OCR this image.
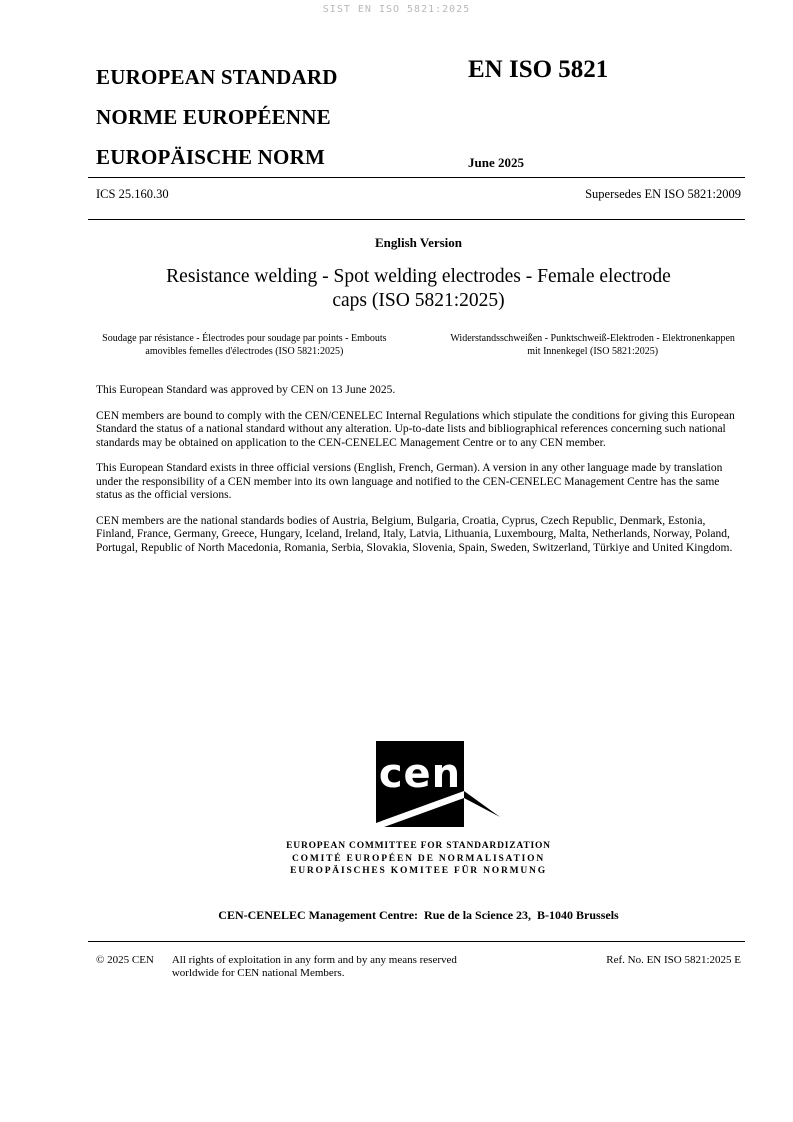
SIST EN ISO 5821:2025
EUROPEAN STANDARD
NORME EUROPÉENNE
EUROPÄISCHE NORM
EN ISO 5821
June 2025
ICS 25.160.30	Supersedes EN ISO 5821:2009
English Version
Resistance welding - Spot welding electrodes - Female electrode caps (ISO 5821:2025)
Soudage par résistance - Électrodes pour soudage par points - Embouts amovibles femelles d'électrodes (ISO 5821:2025)
Widerstandsschweißen - Punktschweiß-Elektroden - Elektronenkappen mit Innenkegel (ISO 5821:2025)

This European Standard was approved by CEN on 13 June 2025.

CEN members are bound to comply with the CEN/CENELEC Internal Regulations which stipulate the conditions for giving this European Standard the status of a national standard without any alteration. Up-to-date lists and bibliographical references concerning such national standards may be obtained on application to the CEN-CENELEC Management Centre or to any CEN member.

This European Standard exists in three official versions (English, French, German). A version in any other language made by translation under the responsibility of a CEN member into its own language and notified to the CEN-CENELEC Management Centre has the same status as the official versions.

CEN members are the national standards bodies of Austria, Belgium, Bulgaria, Croatia, Cyprus, Czech Republic, Denmark, Estonia, Finland, France, Germany, Greece, Hungary, Iceland, Ireland, Italy, Latvia, Lithuania, Luxembourg, Malta, Netherlands, Norway, Poland, Portugal, Republic of North Macedonia, Romania, Serbia, Slovakia, Slovenia, Spain, Sweden, Switzerland, Türkiye and United Kingdom.

cen
EUROPEAN COMMITTEE FOR STANDARDIZATION
COMITÉ EUROPÉEN DE NORMALISATION
EUROPÄISCHES KOMITEE FÜR NORMUNG
CEN-CENELEC Management Centre:  Rue de la Science 23,  B-1040 Brussels
© 2025 CEN All rights of exploitation in any form and by any means reserved worldwide for CEN national Members.
Ref. No. EN ISO 5821:2025 E
